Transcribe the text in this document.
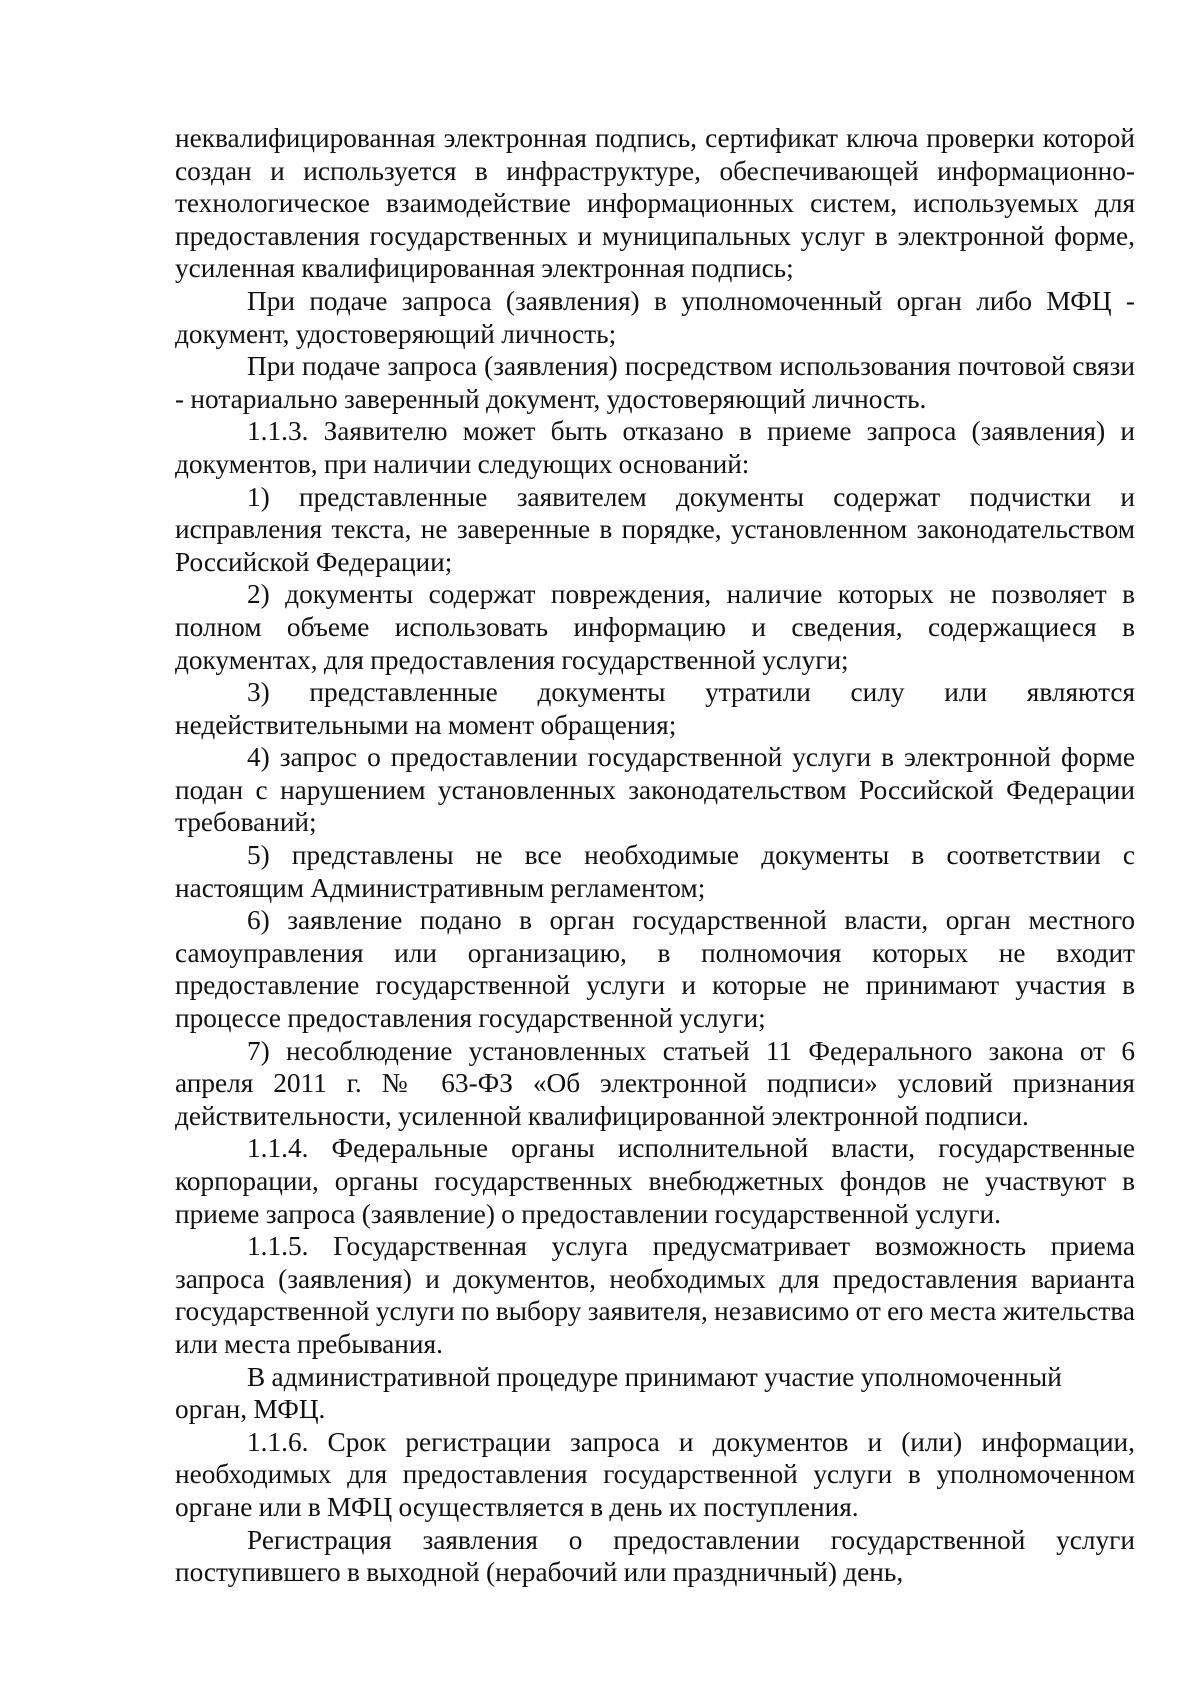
неквалифицированная электронная подпись, сертификат ключа проверки которой создан и используется в инфраструктуре, обеспечивающей информационно-технологическое взаимодействие информационных систем, используемых для предоставления государственных и муниципальных услуг в электронной форме, усиленная квалифицированная электронная подпись;

При подаче запроса (заявления) в уполномоченный орган либо МФЦ - документ, удостоверяющий личность;

При подаче запроса (заявления) посредством использования почтовой связи - нотариально заверенный документ, удостоверяющий личность.

1.1.3. Заявителю может быть отказано в приеме запроса (заявления) и документов, при наличии следующих оснований:

1) представленные заявителем документы содержат подчистки и исправления текста, не заверенные в порядке, установленном законодательством Российской Федерации;

2) документы содержат повреждения, наличие которых не позволяет в полном объеме использовать информацию и сведения, содержащиеся в документах, для предоставления государственной услуги;

3) представленные документы утратили силу или являются недействительными на момент обращения;

4) запрос о предоставлении государственной услуги в электронной форме подан с нарушением установленных законодательством Российской Федерации требований;

5) представлены не все необходимые документы в соответствии с настоящим Административным регламентом;

6) заявление подано в орган государственной власти, орган местного самоуправления или организацию, в полномочия которых не входит предоставление государственной услуги и которые не принимают участия в процессе предоставления государственной услуги;

7) несоблюдение установленных статьей 11 Федерального закона от 6 апреля 2011 г. № 63-ФЗ «Об электронной подписи» условий признания действительности, усиленной квалифицированной электронной подписи.

1.1.4. Федеральные органы исполнительной власти, государственные корпорации, органы государственных внебюджетных фондов не участвуют в приеме запроса (заявление) о предоставлении государственной услуги.

1.1.5. Государственная услуга предусматривает возможность приема запроса (заявления) и документов, необходимых для предоставления варианта государственной услуги по выбору заявителя, независимо от его места жительства или места пребывания.

В административной процедуре принимают участие уполномоченный орган, МФЦ.

1.1.6. Срок регистрации запроса и документов и (или) информации, необходимых для предоставления государственной услуги в уполномоченном органе или в МФЦ осуществляется в день их поступления.

Регистрация заявления о предоставлении государственной услуги поступившего в выходной (нерабочий или праздничный) день,
